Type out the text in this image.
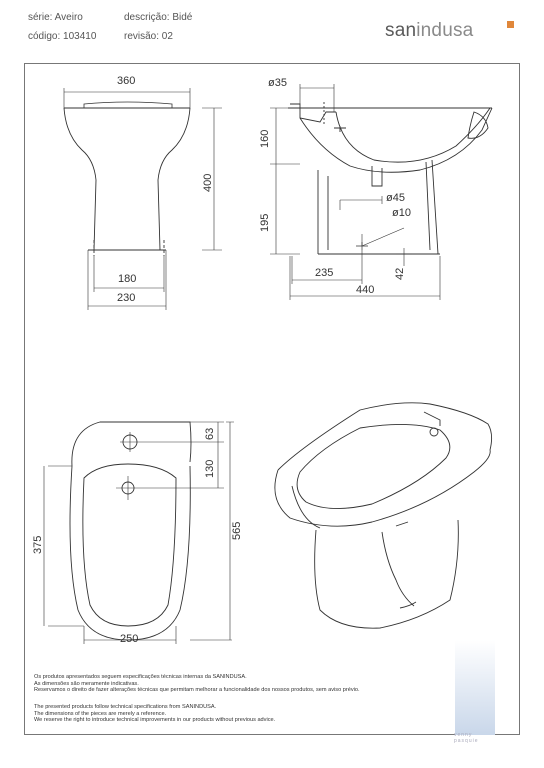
série: Aveiro	descrição: Bidé
código: 103410	revisão: 02	sanindusa
360
400
180
230
ø35
160
195
ø45
ø10
235	42
440
63
130
375
565
250
Os produtos apresentados seguem especificações técnicas internas da SANINDUSA.
As dimensões são meramente indicativas.
Reservamos o direito de fazer alterações técnicas que permitam melhorar a funcionalidade dos nossos produtos, sem aviso prévio.
The presented products follow technical specifications from SANINDUSA.
The dimensions of the pieces are merely a reference.
We reserve the right to introduce technical improvements in our products without previous advice.
venny
pasquie
